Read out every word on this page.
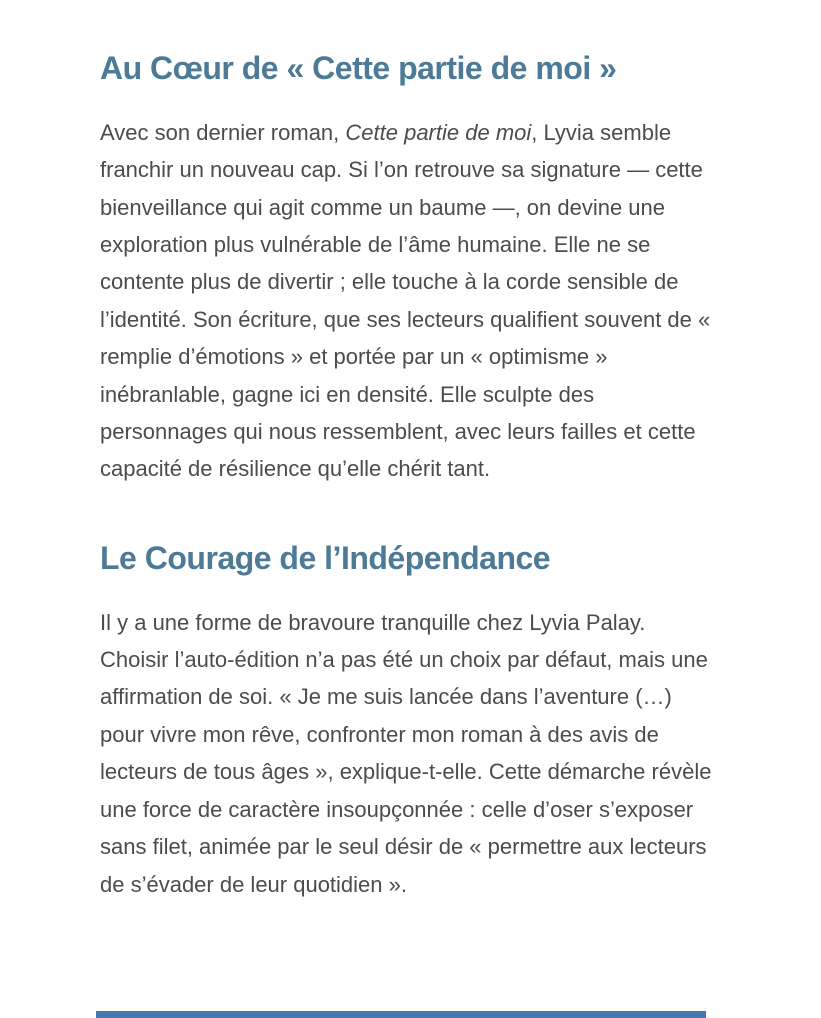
Au Cœur de « Cette partie de moi »

Avec son dernier roman, Cette partie de moi, Lyvia semble franchir un nouveau cap. Si l’on retrouve sa signature — cette bienveillance qui agit comme un baume —, on devine une exploration plus vulnérable de l’âme humaine. Elle ne se contente plus de divertir ; elle touche à la corde sensible de l’identité. Son écriture, que ses lecteurs qualifient souvent de « remplie d’émotions » et portée par un « optimisme » inébranlable, gagne ici en densité. Elle sculpte des personnages qui nous ressemblent, avec leurs failles et cette capacité de résilience qu’elle chérit tant.

Le Courage de l’Indépendance

Il y a une forme de bravoure tranquille chez Lyvia Palay. Choisir l’auto-édition n’a pas été un choix par défaut, mais une affirmation de soi. « Je me suis lancée dans l’aventure (…) pour vivre mon rêve, confronter mon roman à des avis de lecteurs de tous âges », explique-t-elle. Cette démarche révèle une force de caractère insoupçonnée : celle d’oser s’exposer sans filet, animée par le seul désir de « permettre aux lecteurs de s’évader de leur quotidien ».
